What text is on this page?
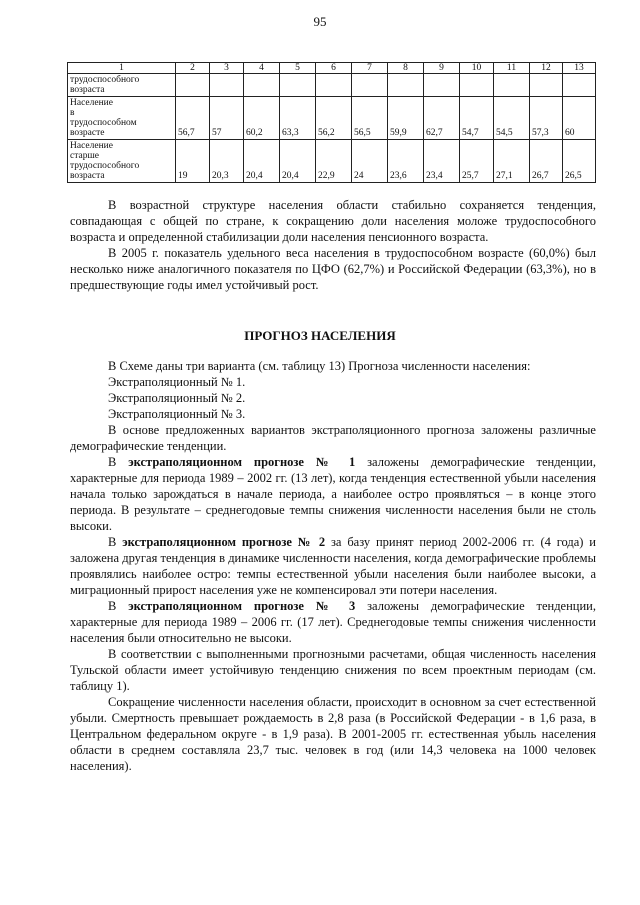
95
1	2	3	4	5	6	7	8	9	10	11	12	13

трудоспособного
возраста												

Население
в
трудоспособном
возрасте	56,7	57	60,2	63,3	56,2	56,5	59,9	62,7	54,7	54,5	57,3	60

Население
старше
трудоспособного
возраста	19	20,3	20,4	20,4	22,9	24	23,6	23,4	25,7	27,1	26,7	26,5

В возрастной структуре населения области стабильно сохраняется тенденция, совпадающая с общей по стране, к сокращению доли населения моложе трудоспособного возраста и определенной стабилизации доли населения пенсионного возраста.

В 2005 г. показатель удельного веса населения в трудоспособном возрасте (60,0%) был несколько ниже аналогичного показателя по ЦФО (62,7%) и Российской Федерации (63,3%), но в предшествующие годы имел устойчивый рост.

ПРОГНОЗ НАСЕЛЕНИЯ

В Схеме даны три варианта (см. таблицу 13) Прогноза численности населения:

Экстраполяционный № 1.

Экстраполяционный № 2.

Экстраполяционный № 3.

В основе предложенных вариантов экстраполяционного прогноза заложены различные демографические тенденции.

В экстраполяционном прогнозе № 1 заложены демографические тенденции, характерные для периода 1989 – 2002 гг. (13 лет), когда тенденция естественной убыли населения начала только зарождаться в начале периода, а наиболее остро проявляться – в конце этого периода. В результате – среднегодовые темпы снижения численности населения были не столь высоки.

В экстраполяционном прогнозе № 2 за базу принят период 2002-2006 гг. (4 года) и заложена другая тенденция в динамике численности населения, когда демографические проблемы проявлялись наиболее остро: темпы естественной убыли населения были наиболее высоки, а миграционный прирост населения уже не компенсировал эти потери населения.

В экстраполяционном прогнозе № 3 заложены демографические тенденции, характерные для периода 1989 – 2006 гг. (17 лет). Среднегодовые темпы снижения численности населения были относительно не высоки.

В соответствии с выполненными прогнозными расчетами, общая численность населения Тульской области имеет устойчивую тенденцию снижения по всем проектным периодам (см. таблицу 1).

Сокращение численности населения области, происходит в основном за счет естественной убыли. Смертность превышает рождаемость в 2,8 раза (в Российской Федерации - в 1,6 раза, в Центральном федеральном округе - в 1,9 раза). В 2001-2005 гг. естественная убыль населения области в среднем составляла 23,7 тыс. человек в год (или 14,3 человека на 1000 человек населения).
